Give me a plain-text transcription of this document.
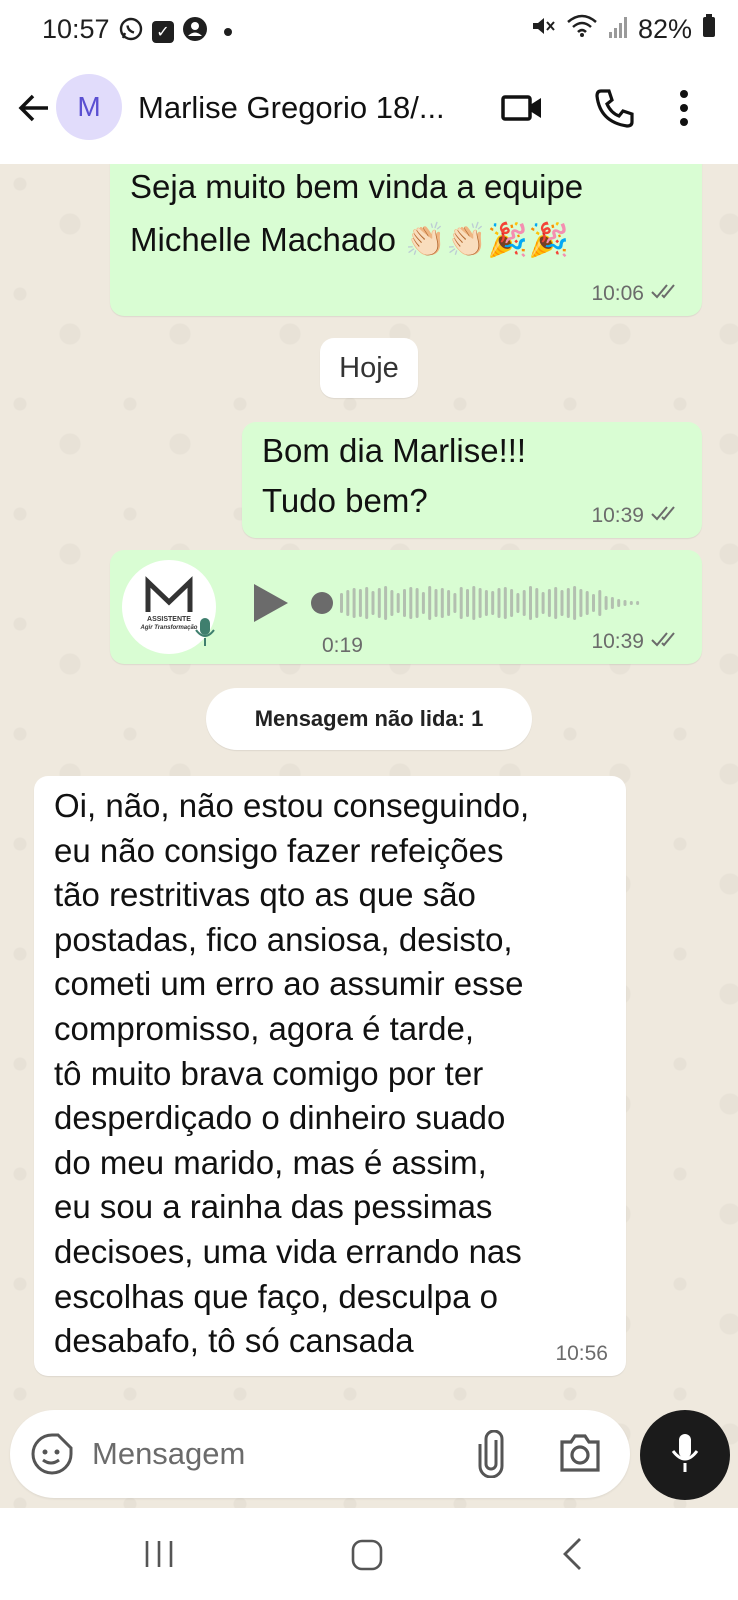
10:57	✓	82%
M Marlise Gregorio 18/...
Seja muito bem vinda a equipe
Michelle Machado 👏🏻👏🏻🎉🎉
10:06
Hoje
Bom dia Marlise!!!
Tudo bem?	10:39
ASSISTENTE
Agir Transformação
0:19	10:39
Mensagem não lida: 1
Oi, não, não estou conseguindo,
eu não consigo fazer refeições
tão restritivas qto as que são
postadas, fico ansiosa, desisto,
cometi um erro ao assumir esse
compromisso, agora é tarde,
tô muito brava comigo por ter
desperdiçado o dinheiro suado
do meu marido, mas é assim,
eu sou a rainha das pessimas
decisoes, uma vida errando nas
escolhas que faço, desculpa o
desabafo, tô só cansada	10:56
Mensagem
